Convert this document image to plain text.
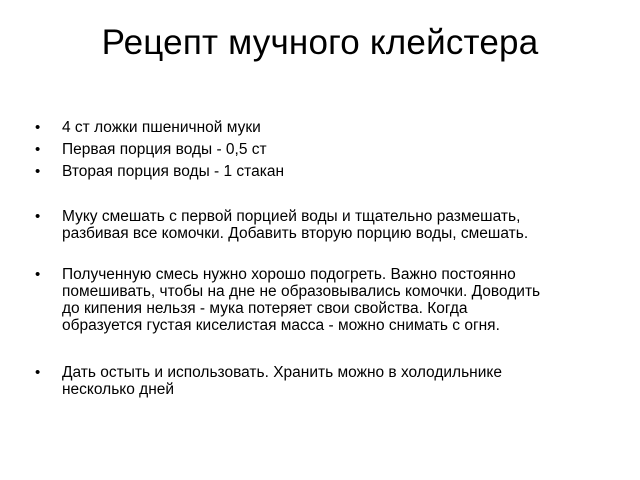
Рецепт мучного клейстера
• 4 ст ложки пшеничной муки
• Первая порция воды - 0,5 ст
• Вторая порция воды - 1 стакан
• Муку смешать с первой порцией воды и тщательно размешать,
разбивая все комочки. Добавить вторую порцию воды, смешать.
• Полученную смесь нужно хорошо подогреть. Важно постоянно
помешивать, чтобы на дне не образовывались комочки. Доводить
до кипения нельзя - мука потеряет свои свойства. Когда
образуется густая киселистая масса - можно снимать с огня.
• Дать остыть и использовать. Хранить можно в холодильнике
несколько дней
